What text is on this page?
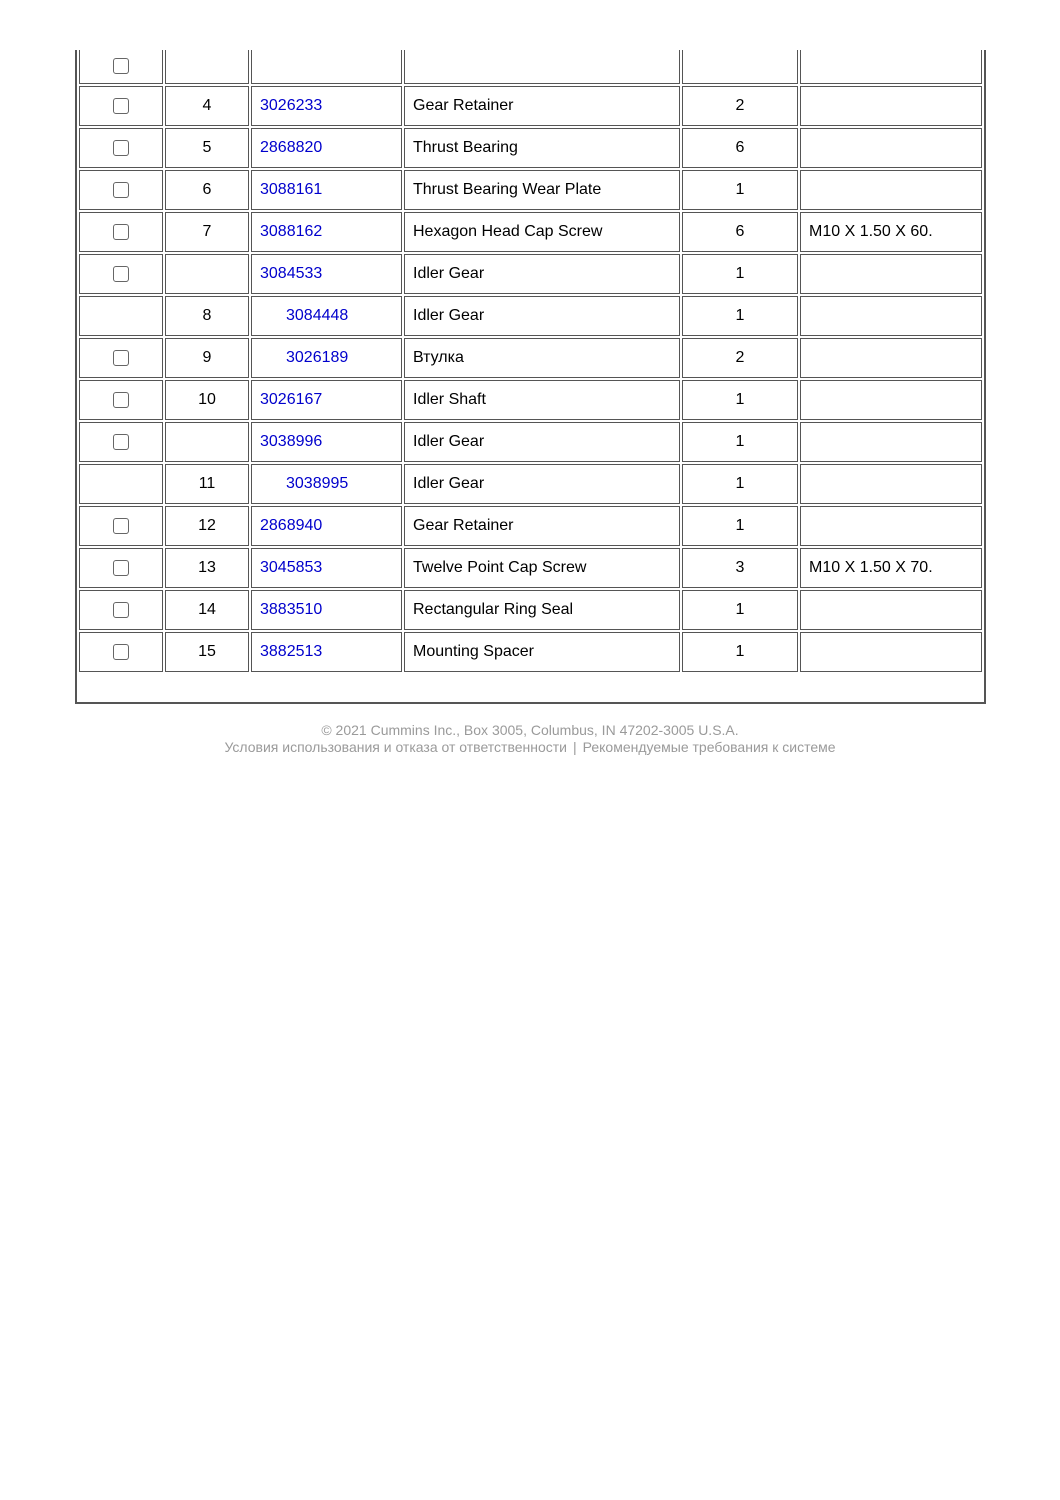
	4	3026233	Gear Retainer	2	
	5	2868820	Thrust Bearing	6	
	6	3088161	Thrust Bearing Wear Plate	1	
	7	3088162	Hexagon Head Cap Screw	6	M10 X 1.50 X 60.
		3084533	Idler Gear	1	
	8	3084448	Idler Gear	1	
	9	3026189	Втулка	2	
	10	3026167	Idler Shaft	1	
		3038996	Idler Gear	1	
	11	3038995	Idler Gear	1	
	12	2868940	Gear Retainer	1	
	13	3045853	Twelve Point Cap Screw	3	M10 X 1.50 X 70.
	14	3883510	Rectangular Ring Seal	1	
	15	3882513	Mounting Spacer	1	
© 2021 Cummins Inc., Box 3005, Columbus, IN 47202-3005 U.S.A.
Условия использования и отказа от ответственности | Рекомендуемые требования к системе
